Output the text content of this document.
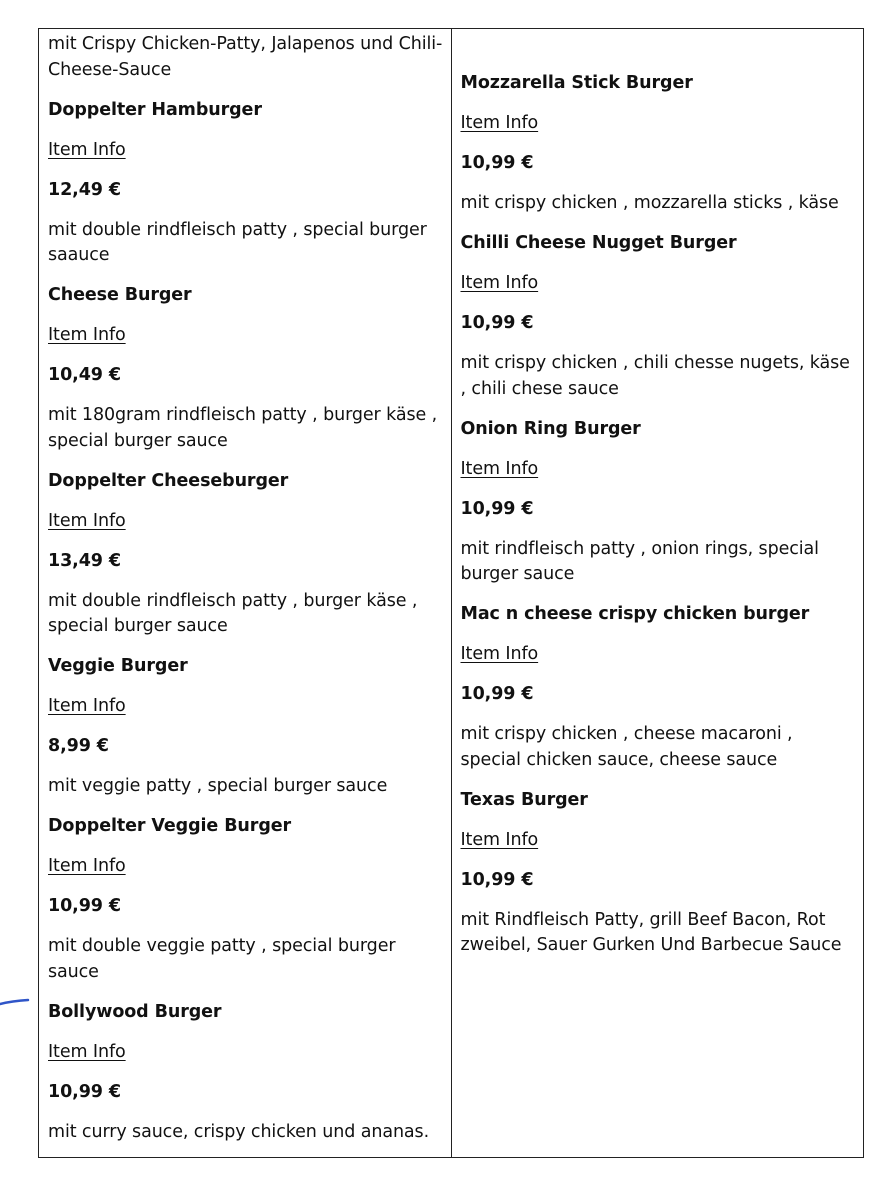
mit Crispy Chicken-Patty, Jalapenos und Chili-Cheese-Sauce
Doppelter Hamburger
Item Info
12,49 €
mit double rindfleisch patty , special burger saauce
Cheese Burger
Item Info
10,49 €
mit 180gram rindfleisch patty , burger käse , special burger sauce
Doppelter Cheeseburger
Item Info
13,49 €
mit double rindfleisch patty , burger käse , special burger sauce
Veggie Burger
Item Info
8,99 €
mit veggie patty , special burger sauce
Doppelter Veggie Burger
Item Info
10,99 €
mit double veggie patty , special burger sauce
Bollywood Burger
Item Info
10,99 €
mit curry sauce, crispy chicken und ananas.
Mozzarella Stick Burger
Item Info
10,99 €
mit crispy chicken , mozzarella sticks , käse
Chilli Cheese Nugget Burger
Item Info
10,99 €
mit crispy chicken , chili chesse nugets, käse , chili chese sauce
Onion Ring Burger
Item Info
10,99 €
mit rindfleisch patty , onion rings, special burger sauce
Mac n cheese crispy chicken burger
Item Info
10,99 €
mit crispy chicken , cheese macaroni , special chicken sauce, cheese sauce
Texas Burger
Item Info
10,99 €
mit Rindfleisch Patty, grill Beef Bacon, Rot zweibel, Sauer Gurken Und Barbecue Sauce
